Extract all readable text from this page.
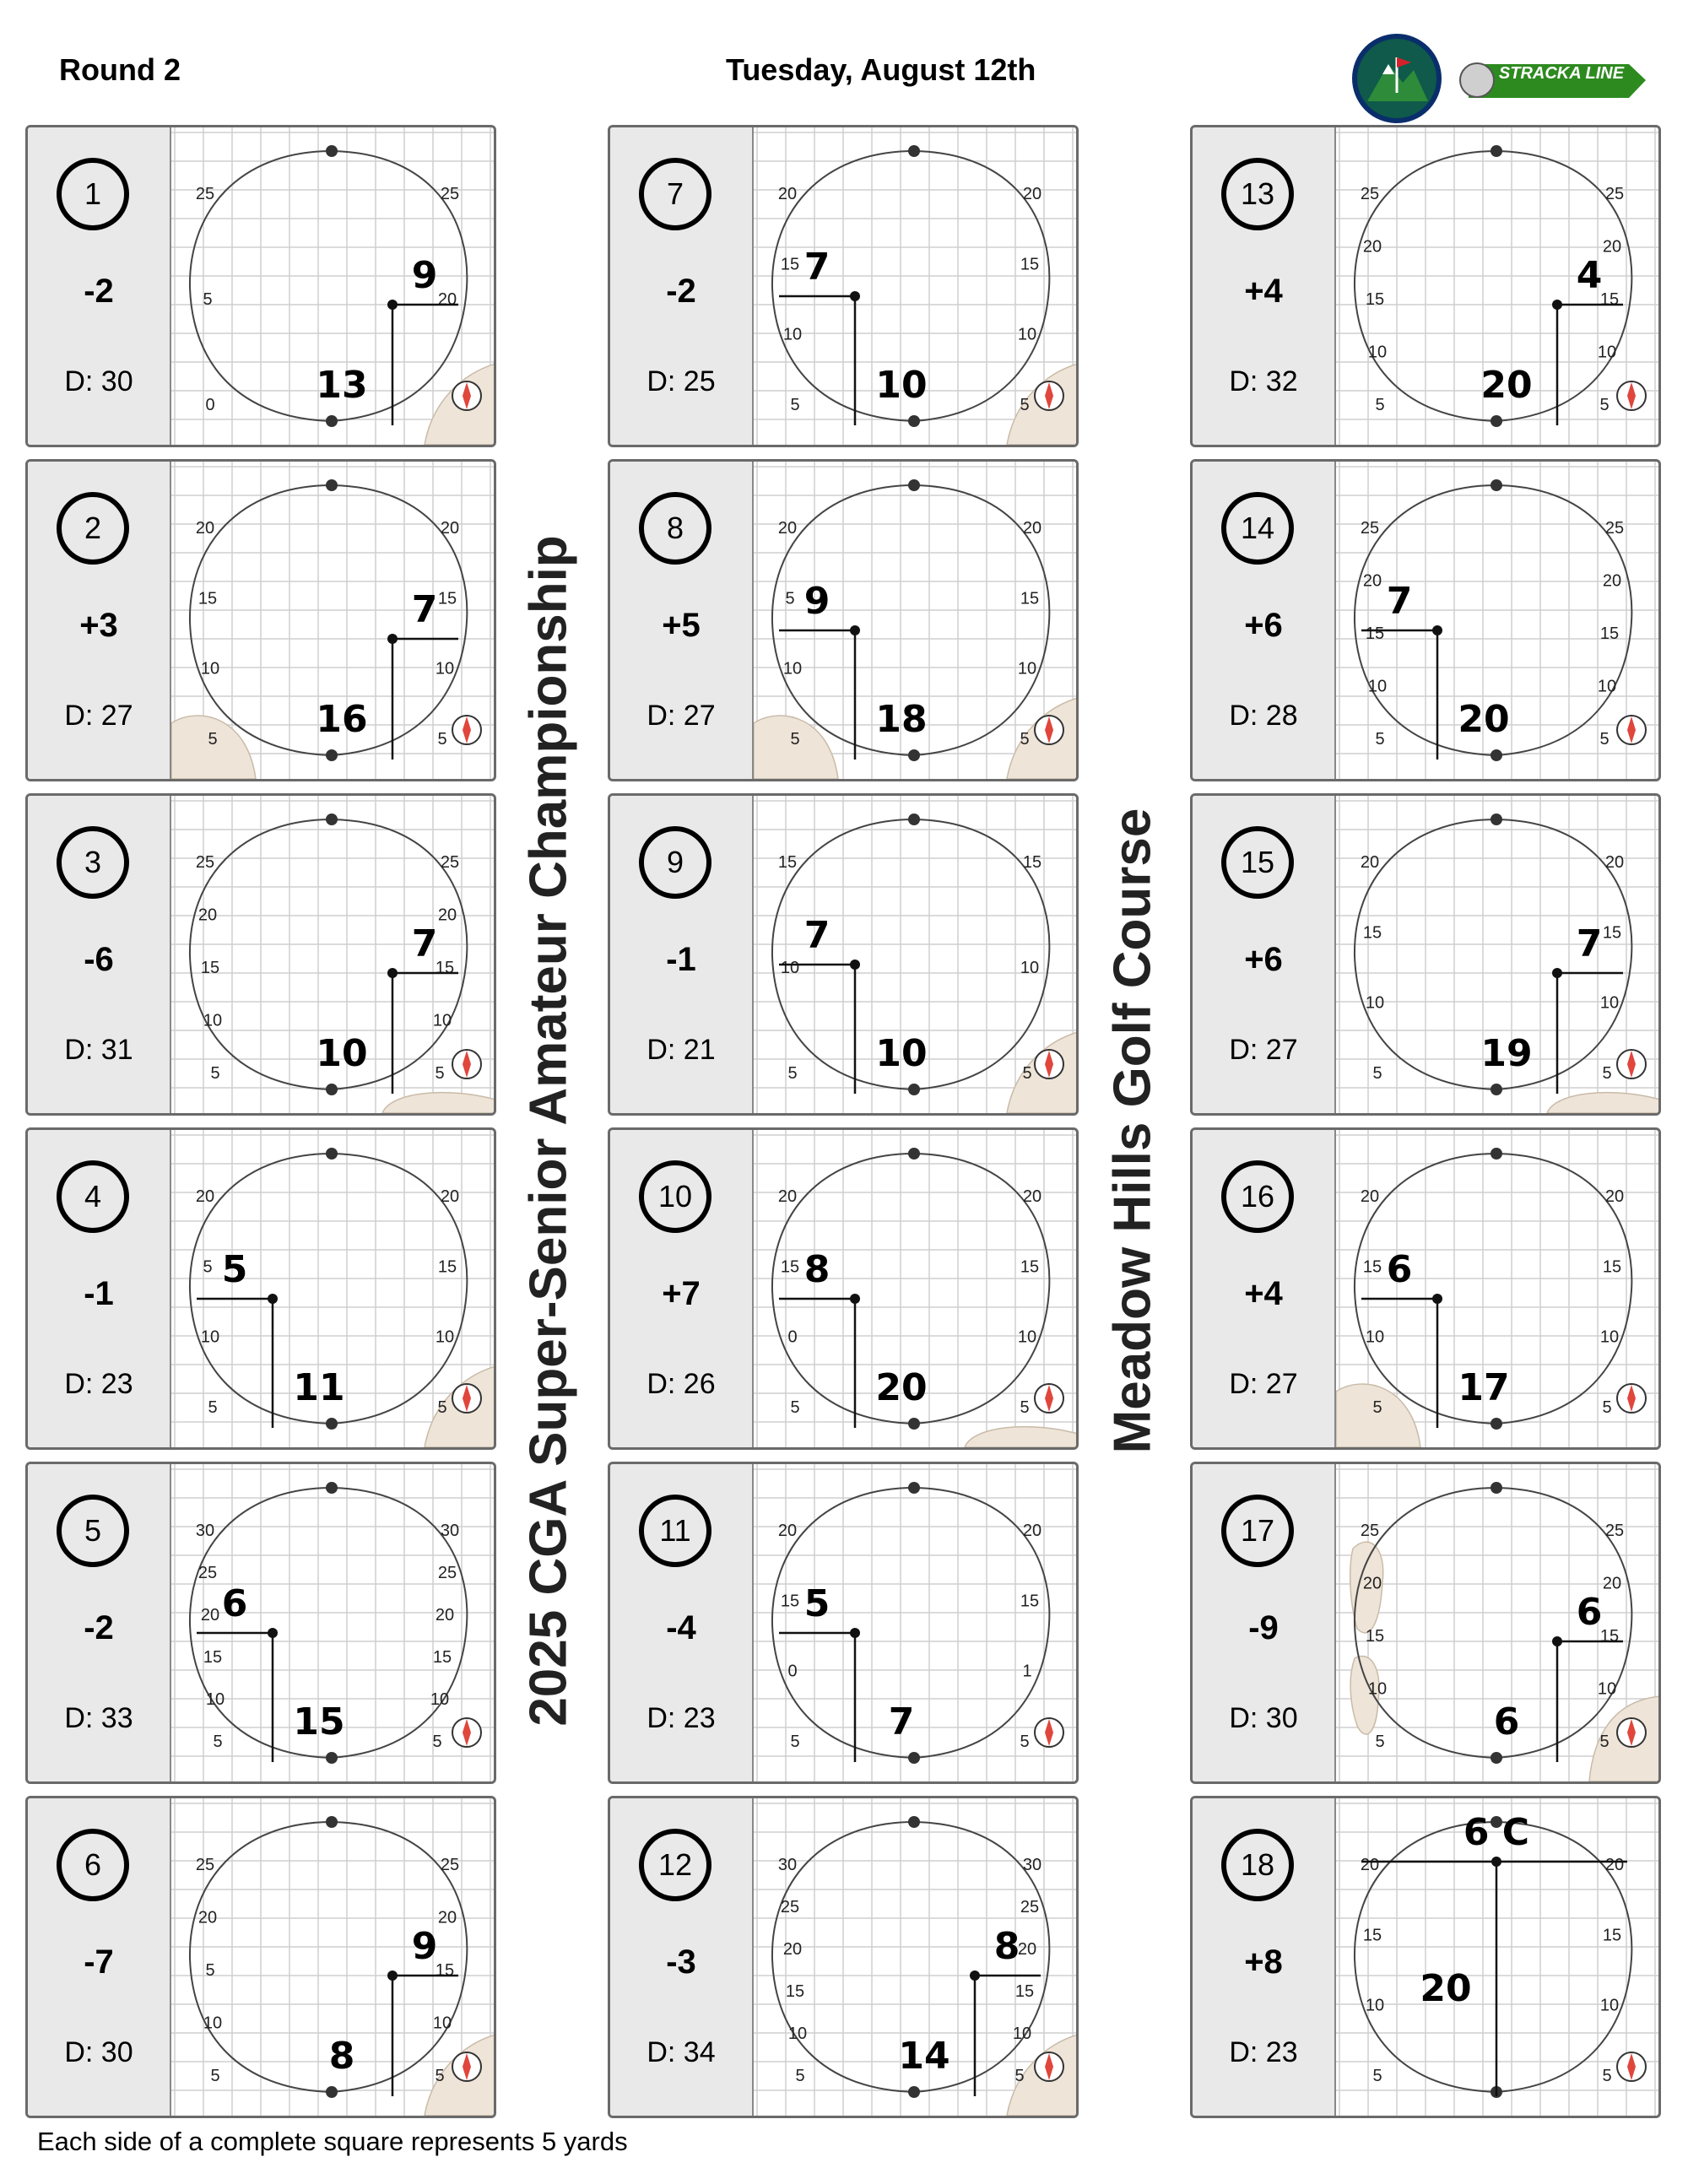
Round 2	Tuesday, August 12th	STRACKA LINE
2025 CGA Super-Senior Amateur Championship	Meadow Hills Golf Course
1
-2
D: 30
25	25
5	20
0
9
13
2
+3
D: 27
20	20
15	15
10	10
5	5
7
16
3
-6
D: 31
25	25
20	20
15	15
10	10
5	5
7
10
4
-1
D: 23
20	20
5	15
10	10
5	5
5
11
5
-2
D: 33
30	30
25	25
20	20
15	15
10	10
5	5
6
15
6
-7
D: 30
25	25
20	20
5	15
10	10
5	5
9
8
7
-2
D: 25
20	20
15	15
10	10
5	5
7
10
8
+5
D: 27
20	20
5	15
10	10
5	5
9
18
9
-1
D: 21
15	15
10	10
5	5
7
10
10
+7
D: 26
20	20
15	15
0	10
5	5
8
20
11
-4
D: 23
20	20
15	15
0	1
5	5
5
7
12
-3
D: 34
30	30
25	25
20	20
15	15
10	10
5	5
8
14
13
+4
D: 32
25	25
20	20
15	15
10	10
5	5
4
20
14
+6
D: 28
25	25
20	20
15	15
10	10
5	5
7
20
15
+6
D: 27
20	20
15	15
10	10
5	5
7
19
16
+4
D: 27
20	20
15	15
10	10
5	5
6
17
17
-9
D: 30
25	25
20	20
15	15
10	10
5	5
6
6
18
+8
D: 23
20	20
15	15
10	10
5	5
6 C
20
Each side of a complete square represents 5 yards
